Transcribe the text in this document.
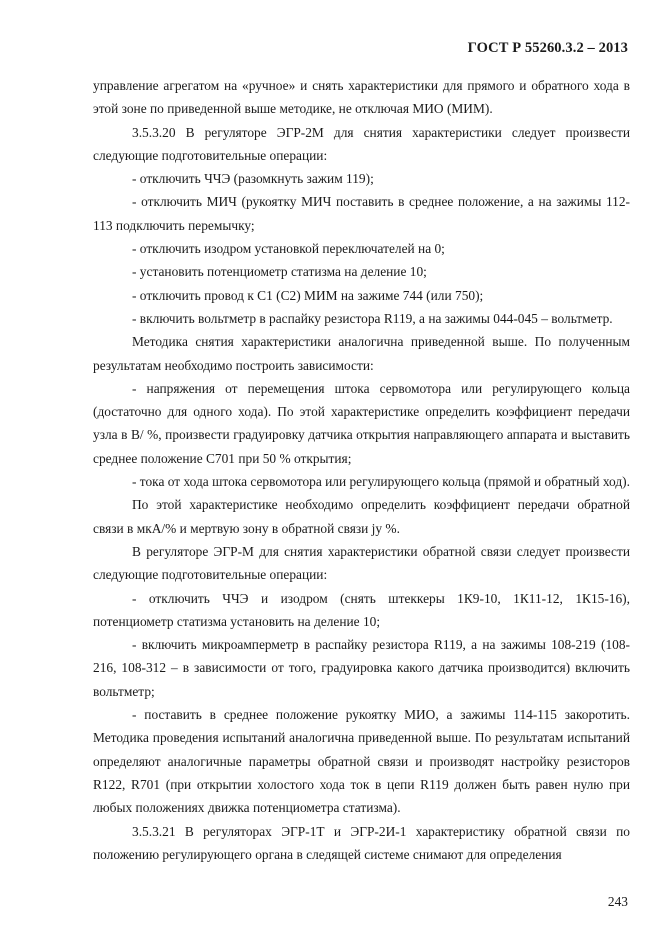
ГОСТ Р 55260.3.2 – 2013

управление агрегатом на «ручное» и снять характеристики для прямого и обратного хода в этой зоне по приведенной выше методике, не отключая МИО (МИМ).

3.5.3.20 В регуляторе ЭГР-2М для снятия характеристики следует произвести следующие подготовительные операции:

- отключить ЧЧЭ (разомкнуть зажим 119);

- отключить МИЧ (рукоятку МИЧ поставить в среднее положение, а на зажимы 112-113 подключить перемычку;

- отключить изодром установкой переключателей на 0;

- установить потенциометр статизма на деление 10;

- отключить провод к С1 (С2) МИМ на зажиме 744 (или 750);

- включить вольтметр в распайку резистора R119, а на зажимы 044-045 – вольтметр.

Методика снятия характеристики аналогична приведенной выше. По полученным результатам необходимо построить зависимости:

- напряжения от перемещения штока сервомотора или регулирующего кольца (достаточно для одного хода). По этой характеристике определить коэффициент передачи узла в В/ %, произвести градуировку датчика открытия направляющего аппарата и выставить среднее положение С701 при 50 % открытия;

- тока от хода штока сервомотора или регулирующего кольца (прямой и обратный ход).

По этой характеристике необходимо определить коэффициент передачи обратной связи в мкА/% и мертвую зону в обратной связи jу %.

В регуляторе ЭГР-М для снятия характеристики обратной связи следует произвести следующие подготовительные операции:

- отключить ЧЧЭ и изодром (снять штеккеры 1К9-10, 1К11-12, 1К15-16), потенциометр статизма установить на деление 10;

- включить микроамперметр в распайку резистора R119, а на зажимы 108-219 (108-216, 108-312 – в зависимости от того, градуировка какого датчика производится) включить вольтметр;

- поставить в среднее положение рукоятку МИО, а зажимы 114-115 закоротить. Методика проведения испытаний аналогична приведенной выше. По результатам испытаний определяют аналогичные параметры обратной связи и производят настройку резисторов R122, R701 (при открытии холостого хода ток в цепи R119 должен быть равен нулю при любых положениях движка потенциометра статизма).

3.5.3.21 В регуляторах ЭГР-1Т и ЭГР-2И-1 характеристику обратной связи по положению регулирующего органа в следящей системе снимают для определения

243
